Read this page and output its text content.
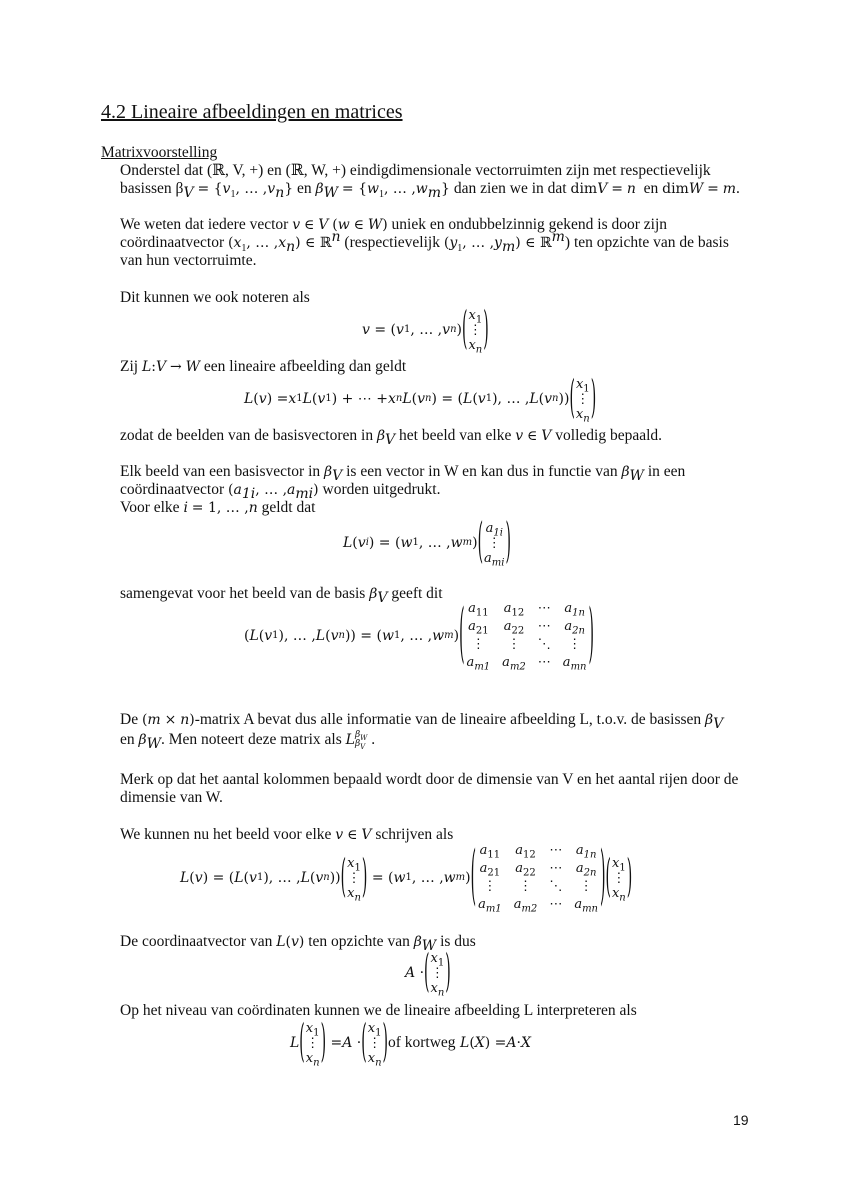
4.2 Lineaire afbeeldingen en matrices
Matrixvoorstelling
Onderstel dat (ℝ, V, +) en (ℝ, W, +) eindigdimensionale vectorruimten zijn met respectievelijk
basissen $\beta_V = \{v_1$, … $,v_n$} en $\beta_W = \{w_1$, … $,w_m$} dan zien we in dat dimV = n  en dimW = m.
We weten dat iedere vector v ∈ V (w ∈ W) uniek en ondubbelzinnig gekend is door zijn
coördinaatvector ($x_1$, … $,x_n$) ∈ ℝ$^n$ (respectievelijk ($y_1$, … $,y_m$) ∈ ℝ$^m$) ten opzichte van de basis
van hun vectorruimte.
Dit kunnen we ook noteren als
v
= ( v 1 , … , v n ) ( $x_1$
⋮
$x_n$ )
Zij L:V → W een lineaire afbeelding dan geldt
L ( v ) = x 1 L ( v 1 ) + ⋯ + x n L ( v n ) = ( L ( v 1 ), … , L ( v n )) ( $x_1$
⋮
$x_n$ )
zodat de beelden van de basisvectoren in $\beta_V$ het beeld van elke v ∈ V volledig bepaald.
Elk beeld van een basisvector in $\beta_V$ is een vector in W en kan dus in functie van $\beta_W$ in een
coördinaatvector ($a_{1i}$, … $,a_{mi}$) worden uitgedrukt.
Voor elke i = 1, … ,n geldt dat
L ( v i ) = ( w 1 , … , w m ) ( $a_{1i}$
⋮
$a_{mi}$ )
samengevat voor het beeld van de basis $\beta_V$ geeft dit
( L ( v 1 ), … , L ( v n )) = ( w 1 , … , w m ) ( $a_{11}$ $a_{12}$ ⋯ $a_{1n}$
$a_{21}$ $a_{22}$ ⋯ $a_{2n}$
⋮	⋮	⋱	⋮
$a_{m1}$ $a_{m2}$ ⋯ $a_{mn}$ )
De (m × n)-matrix A bevat dus alle informatie van de lineaire afbeelding L, t.o.v. de basissen $\beta_V$
en $\beta_W$. Men noteert deze matrix als L $\beta_W$
$\beta_V$ .
Merk op dat het aantal kolommen bepaald wordt door de dimensie van V en het aantal rijen door de
dimensie van W.
We kunnen nu het beeld voor elke v ∈ V schrijven als
L ( v ) = ( L ( v 1 ), … , L ( v n )) ( $x_1$
⋮
$x_n$ ) = ( w 1 , … , w m ) ( $a_{11}$ $a_{12}$ ⋯ $a_{1n}$
$a_{21}$ $a_{22}$ ⋯ $a_{2n}$
⋮	⋮	⋱	⋮
$a_{m1}$ $a_{m2}$ ⋯ $a_{mn}$ ) ( $x_1$
⋮
$x_n$ )
De coordinaatvector van L(v) ten opzichte van $\beta_W$ is dus
A · ( $x_1$
⋮
$x_n$ )
Op het niveau van coördinaten kunnen we de lineaire afbeelding L interpreteren als
L ( $x_1$
⋮
$x_n$ ) = A · ( $x_1$
⋮
$x_n$ ) of kortweg
L ( X ) = A · X
19
